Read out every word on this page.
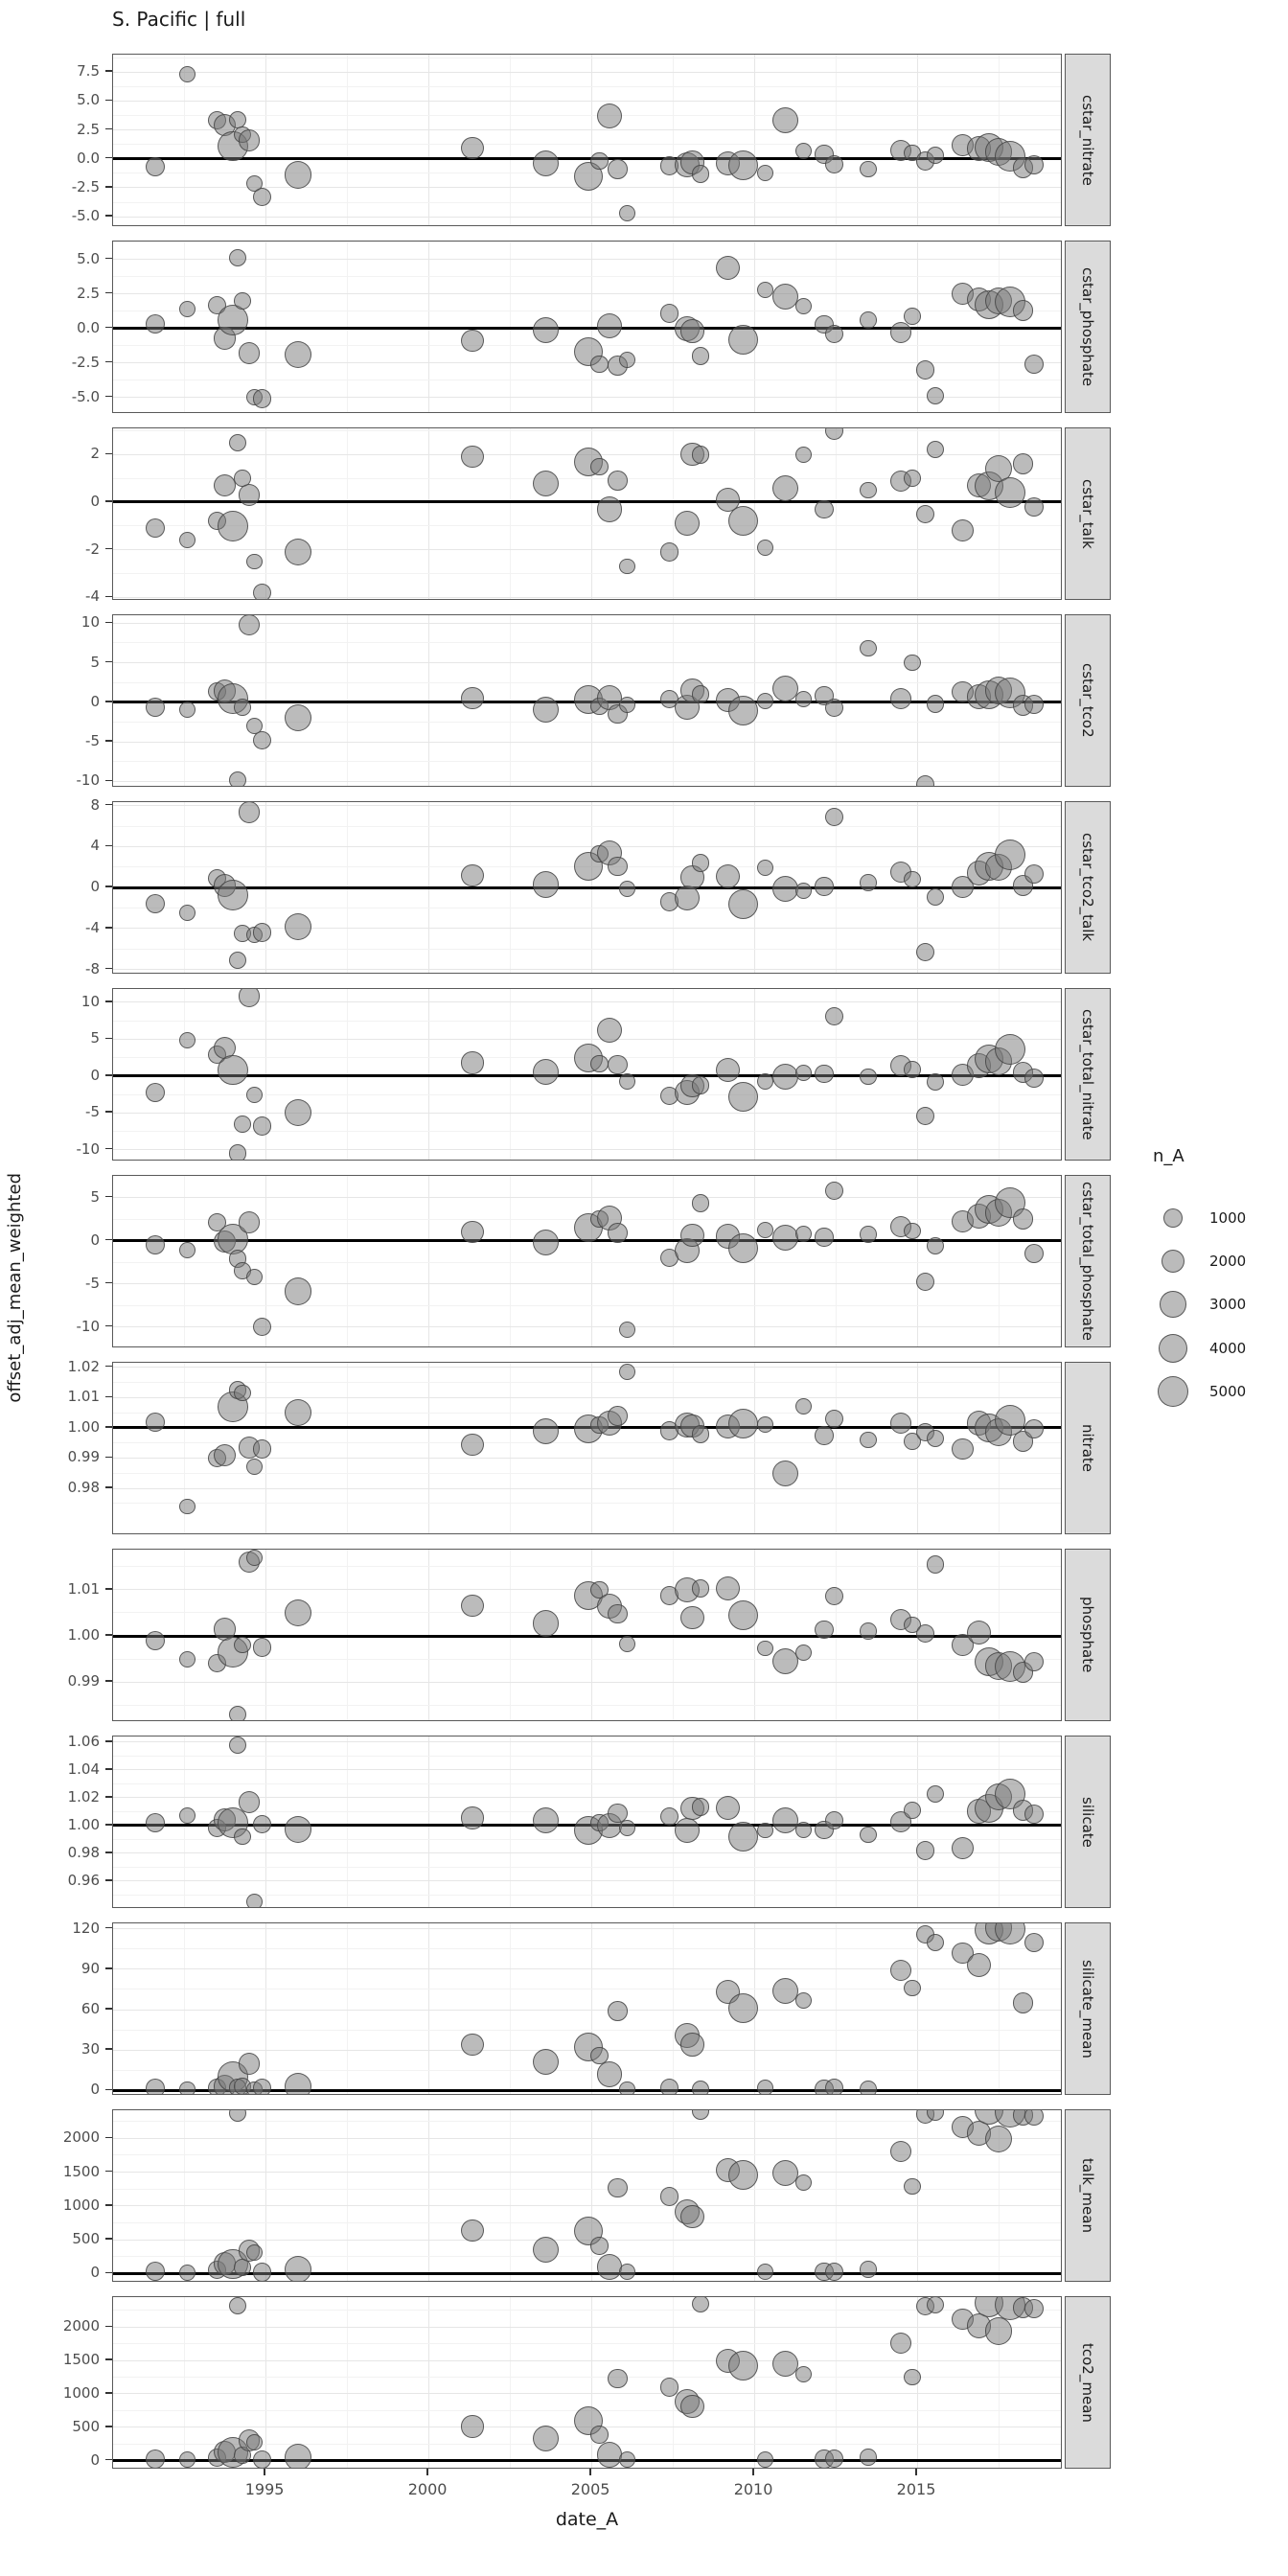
S. Pacific | full
offset_adj_mean_weighted
cstar_nitrate
7.5
5.0
2.5
0.0
-2.5
-5.0
cstar_phosphate
5.0
2.5
0.0
-2.5
-5.0
cstar_talk
2
0
-2
-4
cstar_tco2
10
5
0
-5
-10
cstar_tco2_talk
8
4
0
-4
-8
cstar_total_nitrate
10
5
0
-5
-10
cstar_total_phosphate
5
0
-5
-10
nitrate
1.02
1.01
1.00
0.99
0.98
phosphate
1.01
1.00
0.99
silicate
1.06
1.04
1.02
1.00
0.98
0.96
silicate_mean
120
90
60
30
0
talk_mean
2000
1500
1000
500
0
tco2_mean
2000
1500
1000
500
0
1995	2000	2005	2010	2015
date_A
n_A
1000
2000
3000
4000
5000
